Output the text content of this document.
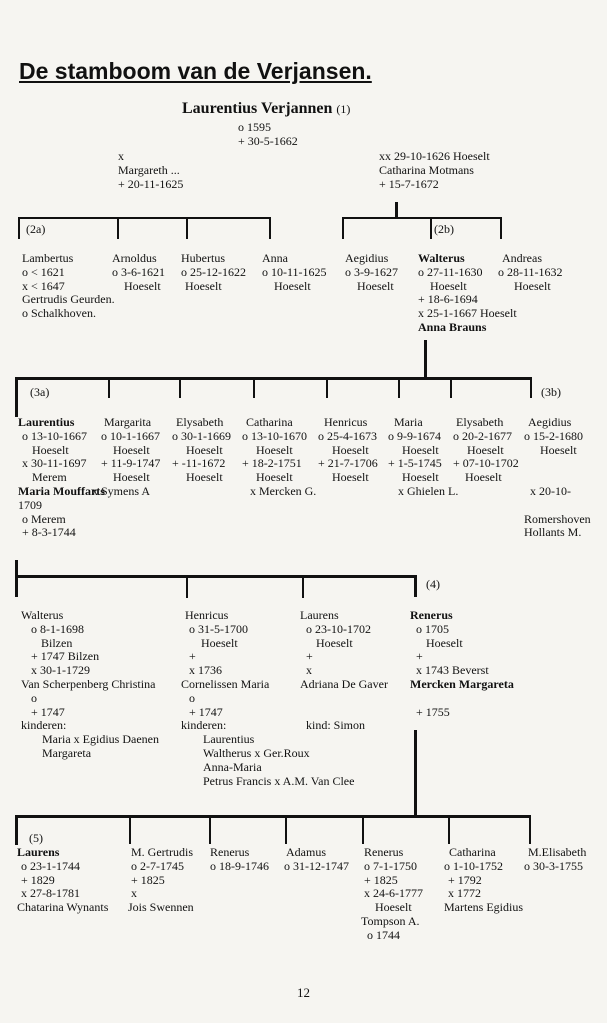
De stamboom van de Verjansen.
Laurentius Verjannen (1)
(2a)	(2b)
(3a)	(3b)
(4)
(5)
o 1595
+ 30-5-1662
x
Margareth ...
+ 20-11-1625
xx 29-10-1626 Hoeselt
Catharina Motmans
+ 15-7-1672
Lambertus
o < 1621
x < 1647
Gertrudis Geurden.
o Schalkhoven.
Arnoldus
o 3-6-1621
Hoeselt
Hubertus
o 25-12-1622
Hoeselt
Anna
o 10-11-1625
Hoeselt
Aegidius
o 3-9-1627
Hoeselt
Walterus
o 27-11-1630
Hoeselt
+ 18-6-1694
x 25-1-1667 Hoeselt
Anna Brauns
Andreas
o 28-11-1632
Hoeselt
Laurentius
o 13-10-1667
Hoeselt
x 30-11-1697
Merem
Maria Mouffarts
1709
o Merem
+ 8-3-1744
Margarita
o 10-1-1667
Hoeselt
+ 11-9-1747
Hoeselt
x Symens A
Elysabeth
o 30-1-1669
Hoeselt
+ -11-1672
Hoeselt
Catharina
o 13-10-1670
Hoeselt
+ 18-2-1751
Hoeselt
x Mercken G.
Henricus
o 25-4-1673
Hoeselt
+ 21-7-1706
Hoeselt
Maria
o 9-9-1674
Hoeselt
+ 1-5-1745
Hoeselt
x Ghielen L.
Elysabeth
o 20-2-1677
Hoeselt
+ 07-10-1702
Hoeselt
Aegidius
o 15-2-1680
Hoeselt

x 20-10-

Romershoven
Hollants M.
Walterus
o 8-1-1698
Bilzen
+ 1747 Bilzen
x 30-1-1729
Van Scherpenberg Christina
o
+ 1747
kinderen:
Maria x Egidius Daenen
Margareta
Henricus
o 31-5-1700
Hoeselt
+
x 1736
Cornelissen Maria
o
+ 1747
kinderen:
Laurentius
Waltherus x Ger.Roux
Anna-Maria
Petrus Francis x A.M. Van Clee
Laurens
o 23-10-1702
Hoeselt
+
x
Adriana De Gaver

kind: Simon
Renerus
o 1705
Hoeselt
+
x 1743 Beverst
Mercken Margareta

+ 1755
Laurens
o 23-1-1744
+ 1829
x 27-8-1781
Chatarina Wynants
M. Gertrudis
o 2-7-1745
+ 1825
x
Jois Swennen
Renerus
o 18-9-1746
Adamus
o 31-12-1747
Renerus
o 7-1-1750
+ 1825
x 24-6-1777
Hoeselt
Tompson A.
o 1744
Catharina
o 1-10-1752
+ 1792
x 1772
Martens Egidius
M.Elisabeth
o 30-3-1755
12
